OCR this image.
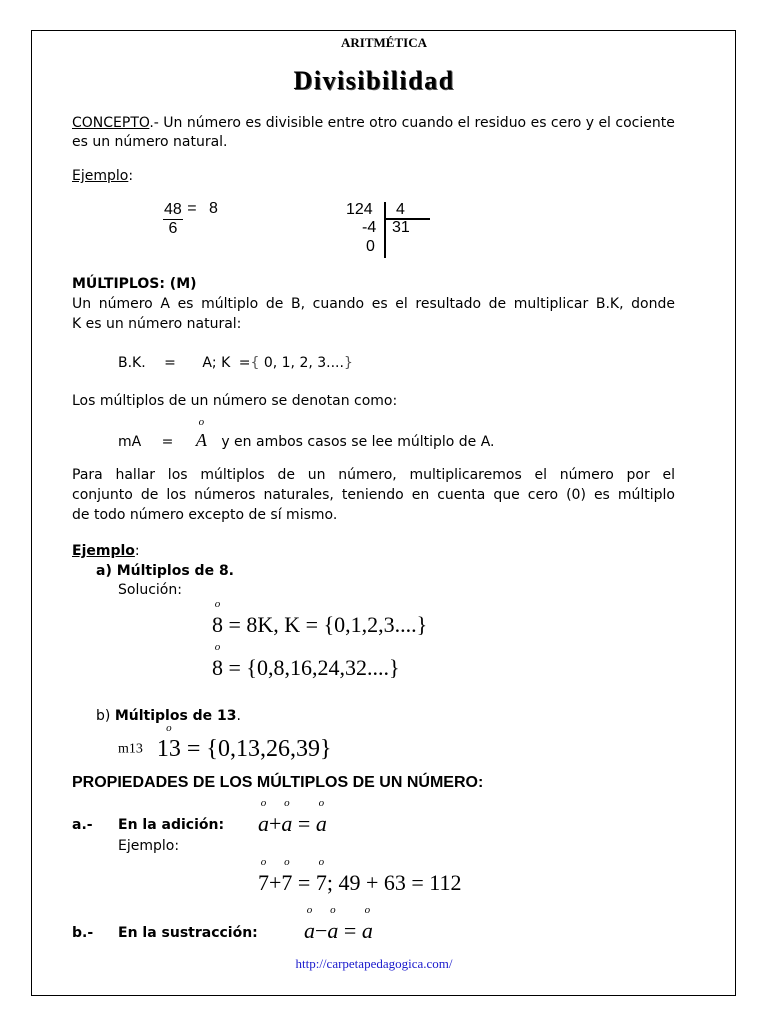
ARITMÉTICA
Divisibilidad
CONCEPTO.- Un número es divisible entre otro cuando el residuo es cero y el cociente
es un número natural.
Ejemplo:
$\frac{48}{6} = 8$	124
-4
0
4
31
MÚLTIPLOS: (M)
Un número A es múltiplo de B, cuando es el resultado de multiplicar B.K, donde
K es un número natural:
B.K. = A; K ={ 0, 1, 2, 3....}
Los múltiplos de un número se denotan como:
mA = o A y en ambos casos se lee múltiplo de A.
Para hallar los múltiplos de un número, multiplicaremos el número por el
conjunto de los números naturales, teniendo en cuenta que cero (0) es múltiplo
de todo número excepto de sí mismo.
Ejemplo:
a) Múltiplos de 8.
Solución:
o 8 = 8K, K = {0,1,2,3....}
o 8 = {0,8,16,24,32....}
b) Múltiplos de 13.
m13 o 13 = {0,13,26,39}
PROPIEDADES DE LOS MÚLTIPLOS DE UN NÚMERO:
a.- En la adición: o a+o a = o a
Ejemplo:
o 7+o 7 = o 7; 49 + 63 = 112
b.- En la sustracción: o a−o a = o a
http://carpetapedagogica.com/
